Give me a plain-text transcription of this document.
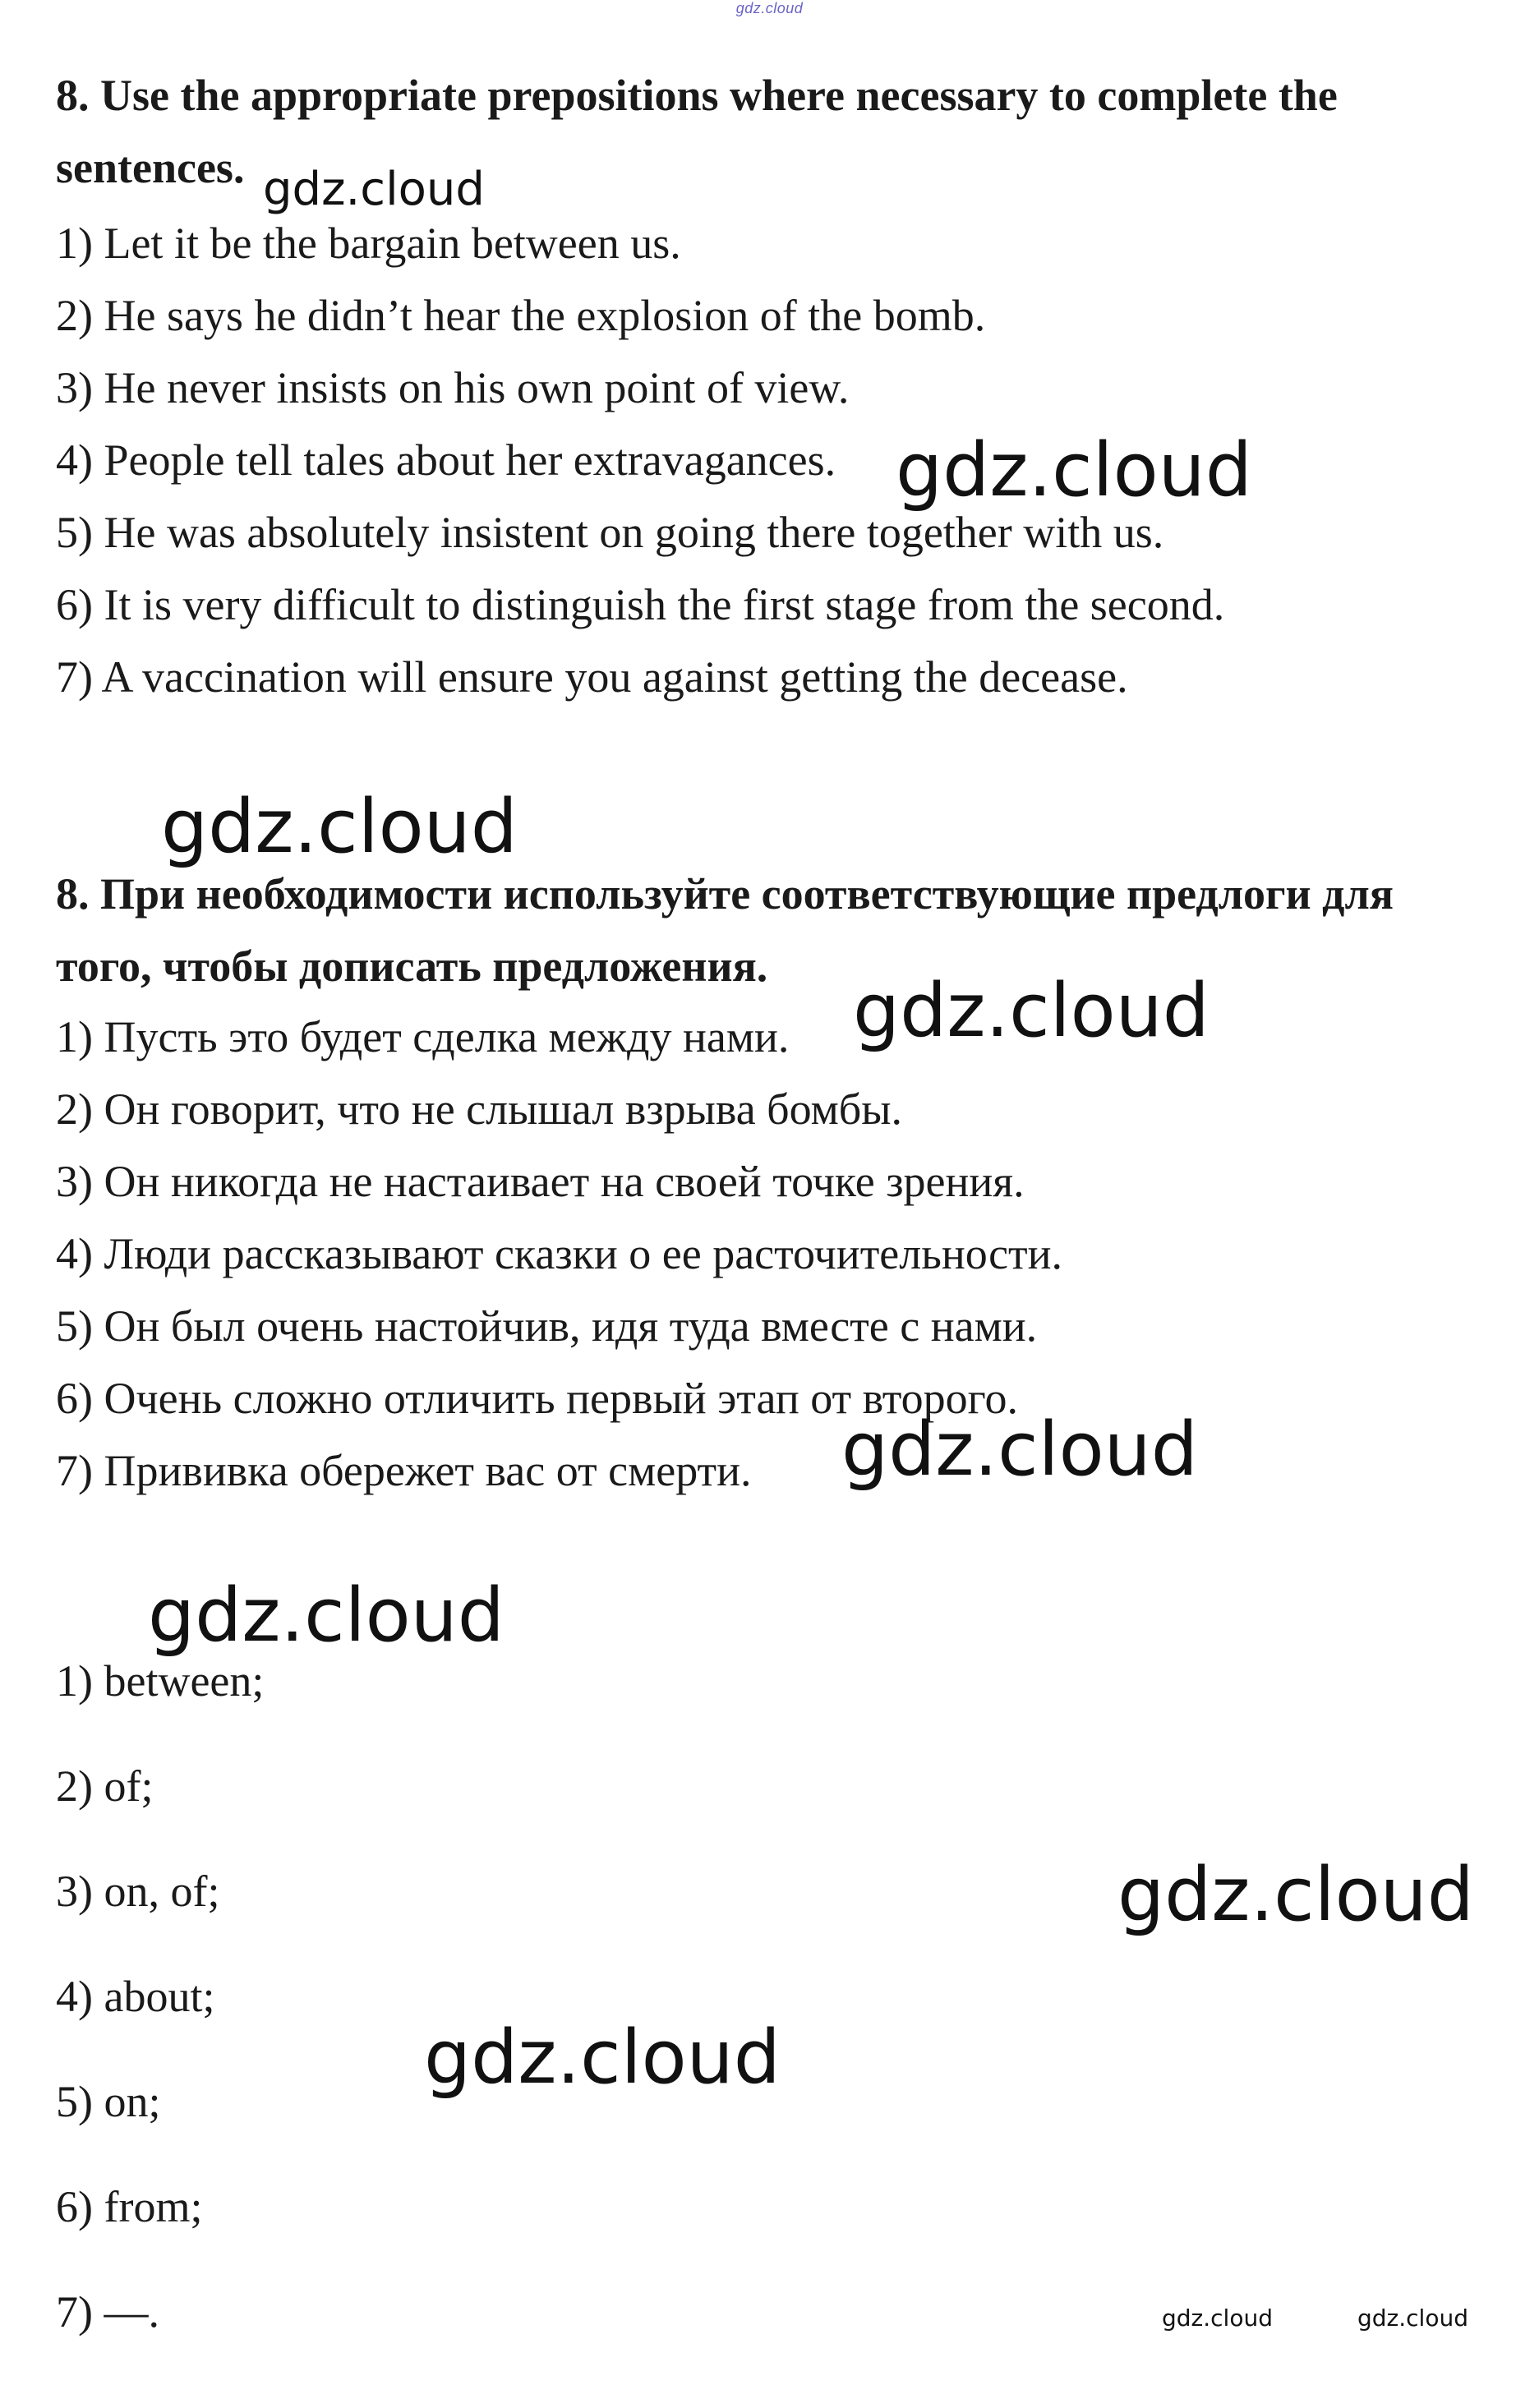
gdz.cloud

8. Use the appropriate prepositions where necessary to complete the sentences.

1) Let it be the bargain between us.
2) He says he didn’t hear the explosion of the bomb.
3) He never insists on his own point of view.
4) People tell tales about her extravagances.
5) He was absolutely insistent on going there together with us.
6) It is very difficult to distinguish the first stage from the second.
7) A vaccination will ensure you against getting the decease.

8. При необходимости используйте соответствующие предлоги для того, чтобы дописать предложения.

1) Пусть это будет сделка между нами.
2) Он говорит, что не слышал взрыва бомбы.
3) Он никогда не настаивает на своей точке зрения.
4) Люди рассказывают сказки о ее расточительности.
5) Он был очень настойчив, идя туда вместе с нами.
6) Очень сложно отличить первый этап от второго.
7) Прививка обережет вас от смерти.
1) between;
2) of;
3) on, of;
4) about;
5) on;
6) from;
7) —.
gdz.cloud
gdz.cloud
gdz.cloud
gdz.cloud
gdz.cloud
gdz.cloud
gdz.cloud
gdz.cloud
gdz.cloud	gdz.cloud
